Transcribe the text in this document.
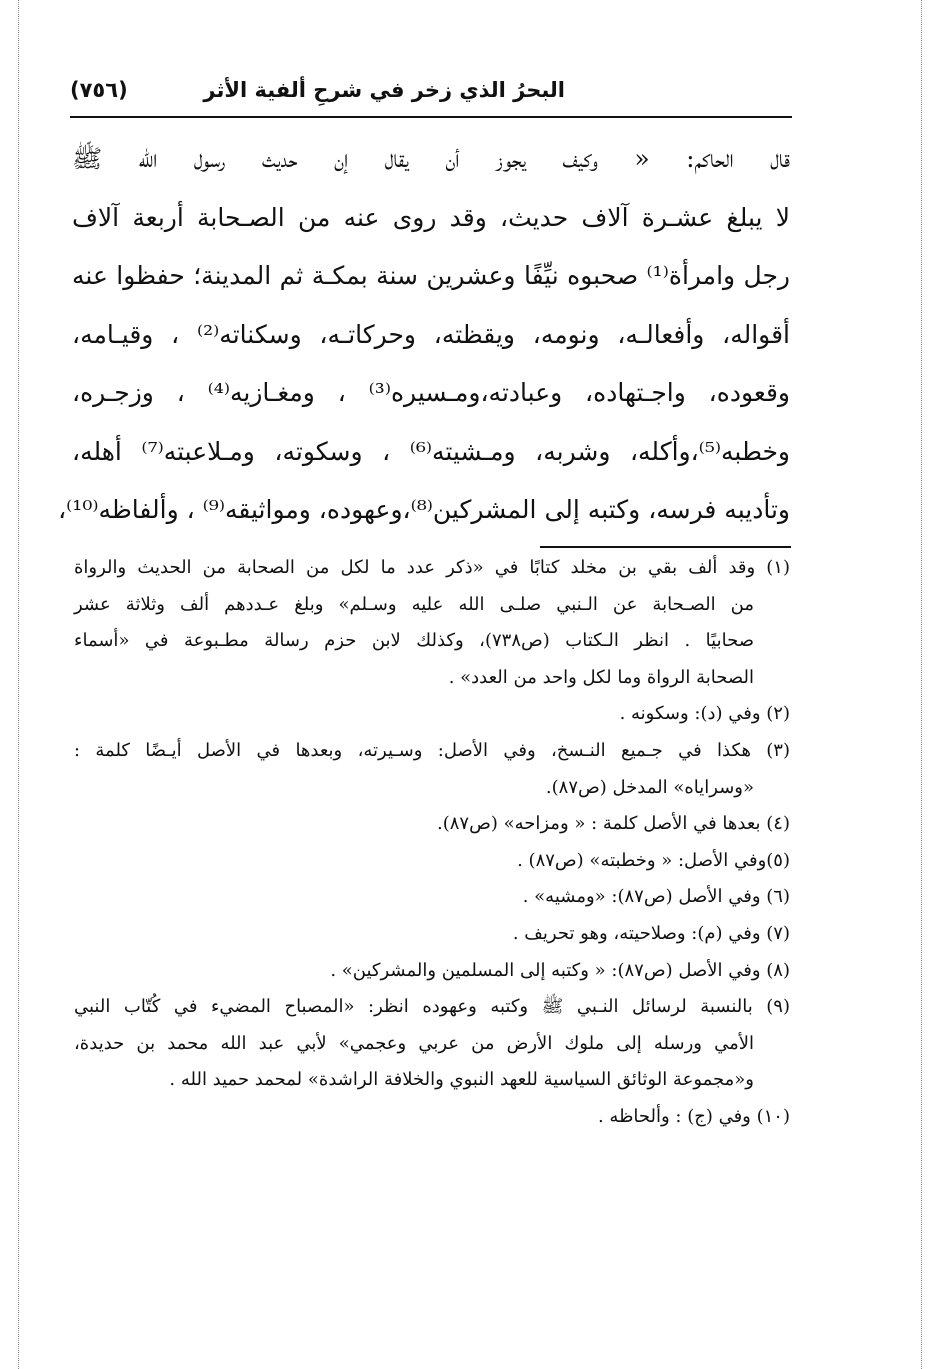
البحرُ الذي زخر في شرحِ ألفية الأثر
(٧٥٦)
قال الحاكم: « وكيف يجوز أن يقال إن حديث رسول الله ﷺ
لا يبلغ عشـرة آلاف حديث، وقد روى عنه من الصـحابة أربعة آلاف
رجل وامرأة⁽¹⁾ صحبوه نيِّفًا وعشرين سنة بمكـة ثم المدينة؛ حفظوا عنه
أقواله، وأفعالـه، ونومه، ويقظته، وحركاتـه، وسكناته⁽²⁾ ، وقيـامه،
وقعوده، واجـتهاده، وعبادته،ومـسيره⁽³⁾ ، ومغـازيه⁽⁴⁾ ، وزجـره،
وخطبه⁽⁵⁾،وأكله، وشربه، ومـشيته⁽⁶⁾ ، وسكوته، ومـلاعبته⁽⁷⁾ أهله،
وتأديبه فرسه، وكتبه إلى المشركين⁽⁸⁾،وعهوده، ومواثيقه⁽⁹⁾ ، وألفاظه⁽¹⁰⁾،
(١) وقد ألف بقي بن مخلد كتابًا في «ذكر عدد ما لكل من الصحابة من الحديث والرواة
من الصـحابة عن الـنبي صلـى الله عليه وسـلم» وبلغ عـددهم ألف وثلاثة عشر
صحابيًا . انظر الـكتاب (ص٧٣٨)، وكذلك لابن حزم رسالة مطـبوعة في «أسماء
الصحابة الرواة وما لكل واحد من العدد» .
(٢) وفي (د): وسكونه .
(٣) هكذا في جـميع النـسخ، وفي الأصل: وسـيرته، وبعدها في الأصل أيـضًا كلمة :
«وسراياه» المدخل (ص٨٧).
(٤) بعدها في الأصل كلمة : « ومزاحه» (ص٨٧).
(٥)وفي الأصل: « وخطبته» (ص٨٧) .
(٦) وفي الأصل (ص٨٧): «ومشيه» .
(٧) وفي (م): وصلاحيته، وهو تحريف .
(٨) وفي الأصل (ص٨٧): « وكتبه إلى المسلمين والمشركين» .
(٩) بالنسبة لرسائل النـبي ﷺ وكتبه وعهوده انظر: «المصباح المضيء في كُتّاب النبي
الأمي ورسله إلى ملوك الأرض من عربي وعجمي» لأبي عبد الله محمد بن حديدة،
و«مجموعة الوثائق السياسية للعهد النبوي والخلافة الراشدة» لمحمد حميد الله .
(١٠) وفي (ج) : وألحاظه .
